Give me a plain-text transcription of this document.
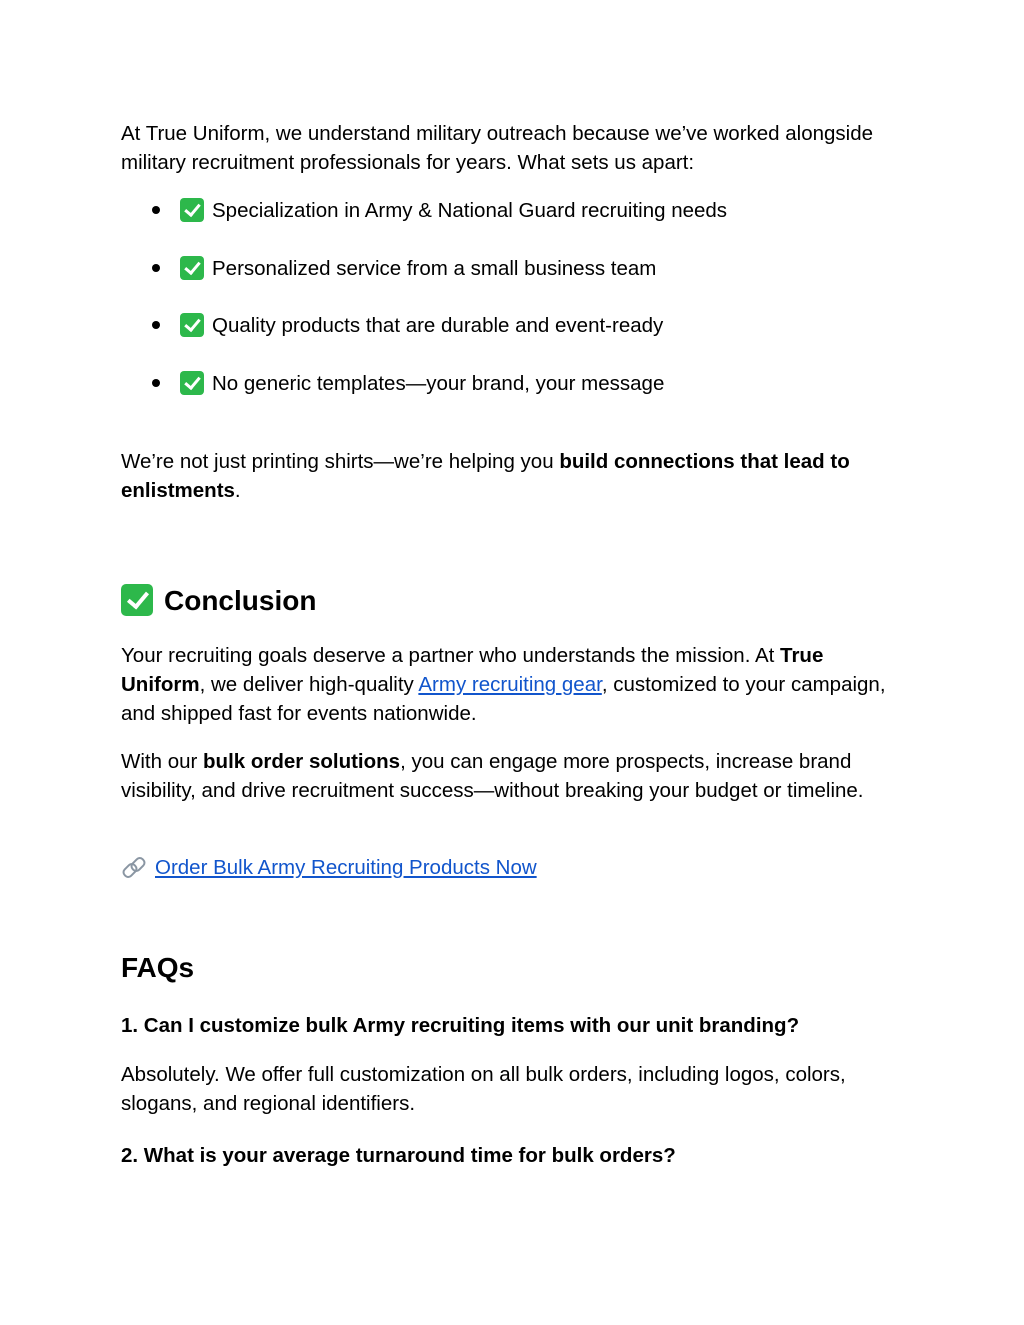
At True Uniform, we understand military outreach because we’ve worked alongside military recruitment professionals for years. What sets us apart:

Specialization in Army & National Guard recruiting needs
Personalized service from a small business team
Quality products that are durable and event-ready
No generic templates—your brand, your message

We’re not just printing shirts—we’re helping you build connections that lead to enlistments.

Conclusion

Your recruiting goals deserve a partner who understands the mission. At True Uniform, we deliver high-quality Army recruiting gear, customized to your campaign, and shipped fast for events nationwide.

With our bulk order solutions, you can engage more prospects, increase brand visibility, and drive recruitment success—without breaking your budget or timeline.

Order Bulk Army Recruiting Products Now

FAQs

1. Can I customize bulk Army recruiting items with our unit branding?

Absolutely. We offer full customization on all bulk orders, including logos, colors, slogans, and regional identifiers.

2. What is your average turnaround time for bulk orders?
